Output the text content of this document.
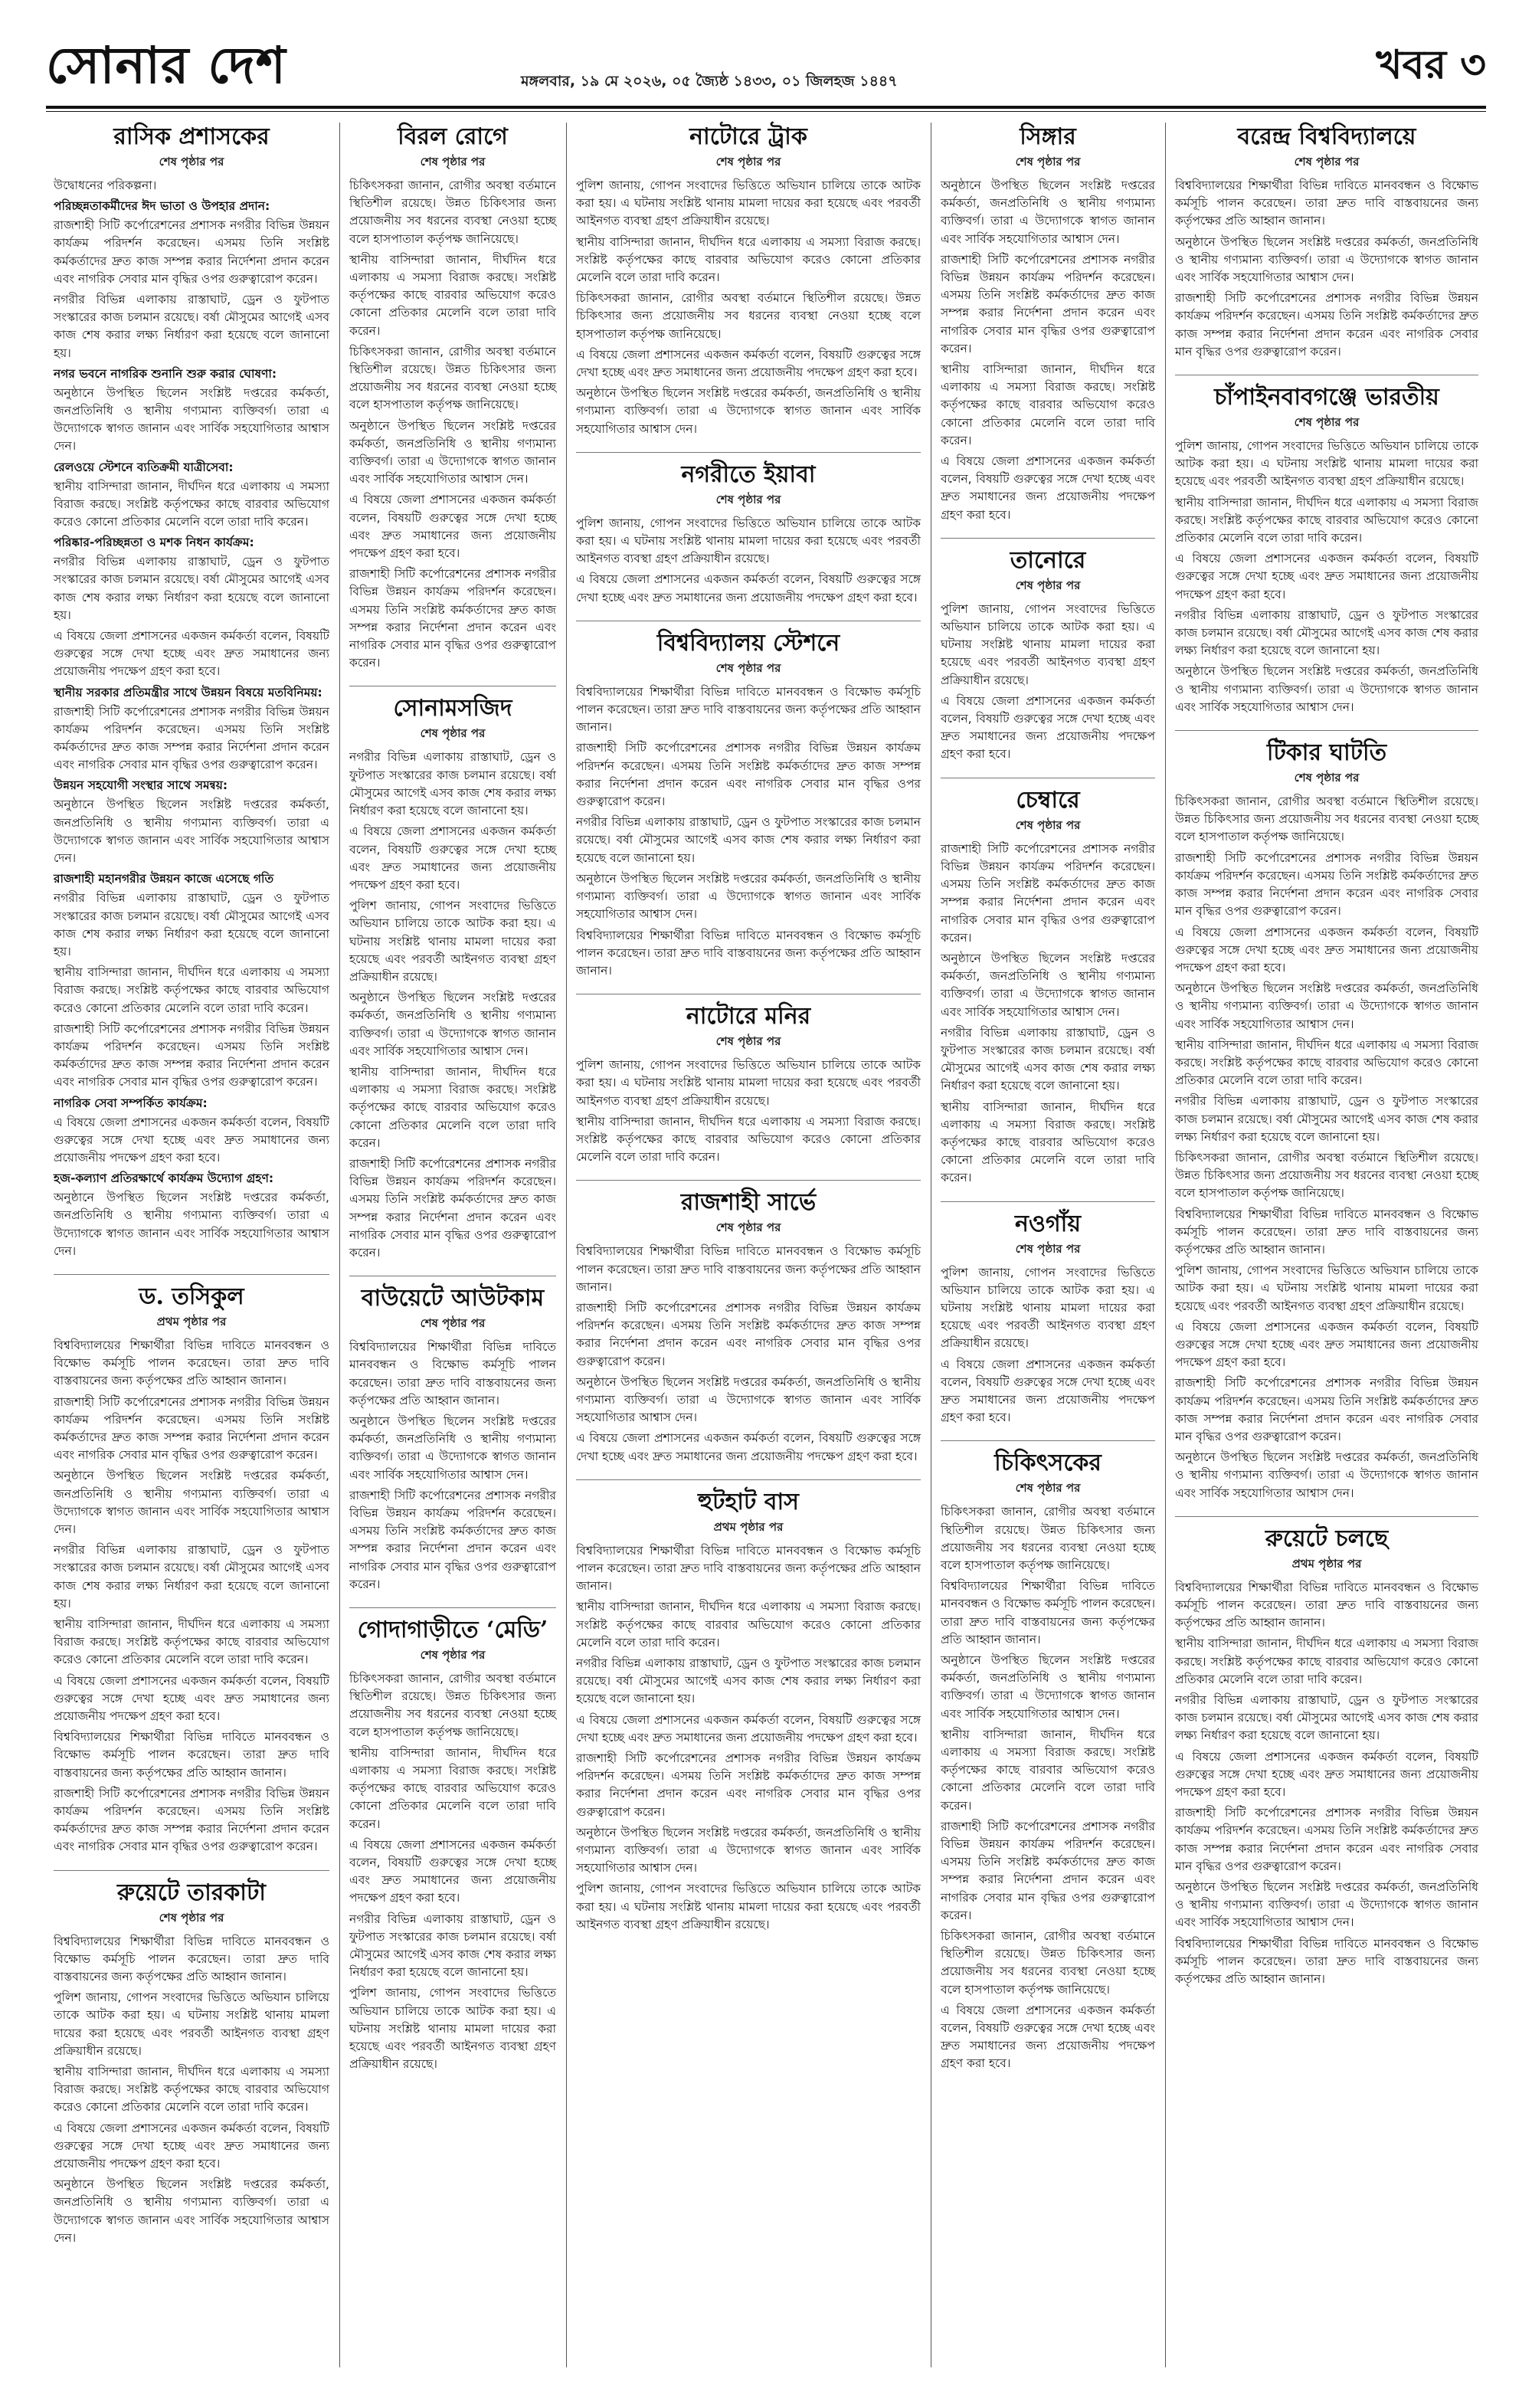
সোনার দেশ	মঙ্গলবার, ১৯ মে ২০২৬, ০৫ জ্যৈষ্ঠ ১৪৩৩, ০১ জিলহজ ১৪৪৭	খবর ৩
রাসিক প্রশাসকের
শেষ পৃষ্ঠার পর

উদ্বোধনের পরিকল্পনা।

পরিচ্ছন্নতাকর্মীদের ঈদ ভাতা ও উপহার প্রদান:

রাজশাহী সিটি কর্পোরেশনের প্রশাসক নগরীর বিভিন্ন উন্নয়ন কার্যক্রম পরিদর্শন করেছেন। এসময় তিনি সংশ্লিষ্ট কর্মকর্তাদের দ্রুত কাজ সম্পন্ন করার নির্দেশনা প্রদান করেন এবং নাগরিক সেবার মান বৃদ্ধির ওপর গুরুত্বারোপ করেন।

নগরীর বিভিন্ন এলাকায় রাস্তাঘাট, ড্রেন ও ফুটপাত সংস্কারের কাজ চলমান রয়েছে। বর্ষা মৌসুমের আগেই এসব কাজ শেষ করার লক্ষ্য নির্ধারণ করা হয়েছে বলে জানানো হয়।

নগর ভবনে নাগরিক শুনানি শুরু করার ঘোষণা:

অনুষ্ঠানে উপস্থিত ছিলেন সংশ্লিষ্ট দপ্তরের কর্মকর্তা, জনপ্রতিনিধি ও স্থানীয় গণ্যমান্য ব্যক্তিবর্গ। তারা এ উদ্যোগকে স্বাগত জানান এবং সার্বিক সহযোগিতার আশ্বাস দেন।

রেলওয়ে স্টেশনে ব্যতিক্রমী যাত্রীসেবা:

স্থানীয় বাসিন্দারা জানান, দীর্ঘদিন ধরে এলাকায় এ সমস্যা বিরাজ করছে। সংশ্লিষ্ট কর্তৃপক্ষের কাছে বারবার অভিযোগ করেও কোনো প্রতিকার মেলেনি বলে তারা দাবি করেন।

পরিষ্কার-পরিচ্ছন্নতা ও মশক নিধন কার্যক্রম:

নগরীর বিভিন্ন এলাকায় রাস্তাঘাট, ড্রেন ও ফুটপাত সংস্কারের কাজ চলমান রয়েছে। বর্ষা মৌসুমের আগেই এসব কাজ শেষ করার লক্ষ্য নির্ধারণ করা হয়েছে বলে জানানো হয়।

এ বিষয়ে জেলা প্রশাসনের একজন কর্মকর্তা বলেন, বিষয়টি গুরুত্বের সঙ্গে দেখা হচ্ছে এবং দ্রুত সমাধানের জন্য প্রয়োজনীয় পদক্ষেপ গ্রহণ করা হবে।

স্থানীয় সরকার প্রতিমন্ত্রীর সাথে উন্নয়ন বিষয়ে মতবিনিময়:

রাজশাহী সিটি কর্পোরেশনের প্রশাসক নগরীর বিভিন্ন উন্নয়ন কার্যক্রম পরিদর্শন করেছেন। এসময় তিনি সংশ্লিষ্ট কর্মকর্তাদের দ্রুত কাজ সম্পন্ন করার নির্দেশনা প্রদান করেন এবং নাগরিক সেবার মান বৃদ্ধির ওপর গুরুত্বারোপ করেন।

উন্নয়ন সহযোগী সংস্থার সাথে সমন্বয়:

অনুষ্ঠানে উপস্থিত ছিলেন সংশ্লিষ্ট দপ্তরের কর্মকর্তা, জনপ্রতিনিধি ও স্থানীয় গণ্যমান্য ব্যক্তিবর্গ। তারা এ উদ্যোগকে স্বাগত জানান এবং সার্বিক সহযোগিতার আশ্বাস দেন।

রাজশাহী মহানগরীর উন্নয়ন কাজে এসেছে গতি

নগরীর বিভিন্ন এলাকায় রাস্তাঘাট, ড্রেন ও ফুটপাত সংস্কারের কাজ চলমান রয়েছে। বর্ষা মৌসুমের আগেই এসব কাজ শেষ করার লক্ষ্য নির্ধারণ করা হয়েছে বলে জানানো হয়।

স্থানীয় বাসিন্দারা জানান, দীর্ঘদিন ধরে এলাকায় এ সমস্যা বিরাজ করছে। সংশ্লিষ্ট কর্তৃপক্ষের কাছে বারবার অভিযোগ করেও কোনো প্রতিকার মেলেনি বলে তারা দাবি করেন।

রাজশাহী সিটি কর্পোরেশনের প্রশাসক নগরীর বিভিন্ন উন্নয়ন কার্যক্রম পরিদর্শন করেছেন। এসময় তিনি সংশ্লিষ্ট কর্মকর্তাদের দ্রুত কাজ সম্পন্ন করার নির্দেশনা প্রদান করেন এবং নাগরিক সেবার মান বৃদ্ধির ওপর গুরুত্বারোপ করেন।

নাগরিক সেবা সম্পর্কিত কার্যক্রম:

এ বিষয়ে জেলা প্রশাসনের একজন কর্মকর্তা বলেন, বিষয়টি গুরুত্বের সঙ্গে দেখা হচ্ছে এবং দ্রুত সমাধানের জন্য প্রয়োজনীয় পদক্ষেপ গ্রহণ করা হবে।

হজ-কল্যাণ প্রতিরক্ষার্থে কার্যক্রম উদ্যোগ গ্রহণ:

অনুষ্ঠানে উপস্থিত ছিলেন সংশ্লিষ্ট দপ্তরের কর্মকর্তা, জনপ্রতিনিধি ও স্থানীয় গণ্যমান্য ব্যক্তিবর্গ। তারা এ উদ্যোগকে স্বাগত জানান এবং সার্বিক সহযোগিতার আশ্বাস দেন।

ড. তসিকুল
প্রথম পৃষ্ঠার পর

বিশ্ববিদ্যালয়ের শিক্ষার্থীরা বিভিন্ন দাবিতে মানববন্ধন ও বিক্ষোভ কর্মসূচি পালন করেছেন। তারা দ্রুত দাবি বাস্তবায়নের জন্য কর্তৃপক্ষের প্রতি আহ্বান জানান।

রাজশাহী সিটি কর্পোরেশনের প্রশাসক নগরীর বিভিন্ন উন্নয়ন কার্যক্রম পরিদর্শন করেছেন। এসময় তিনি সংশ্লিষ্ট কর্মকর্তাদের দ্রুত কাজ সম্পন্ন করার নির্দেশনা প্রদান করেন এবং নাগরিক সেবার মান বৃদ্ধির ওপর গুরুত্বারোপ করেন।

অনুষ্ঠানে উপস্থিত ছিলেন সংশ্লিষ্ট দপ্তরের কর্মকর্তা, জনপ্রতিনিধি ও স্থানীয় গণ্যমান্য ব্যক্তিবর্গ। তারা এ উদ্যোগকে স্বাগত জানান এবং সার্বিক সহযোগিতার আশ্বাস দেন।

নগরীর বিভিন্ন এলাকায় রাস্তাঘাট, ড্রেন ও ফুটপাত সংস্কারের কাজ চলমান রয়েছে। বর্ষা মৌসুমের আগেই এসব কাজ শেষ করার লক্ষ্য নির্ধারণ করা হয়েছে বলে জানানো হয়।

স্থানীয় বাসিন্দারা জানান, দীর্ঘদিন ধরে এলাকায় এ সমস্যা বিরাজ করছে। সংশ্লিষ্ট কর্তৃপক্ষের কাছে বারবার অভিযোগ করেও কোনো প্রতিকার মেলেনি বলে তারা দাবি করেন।

এ বিষয়ে জেলা প্রশাসনের একজন কর্মকর্তা বলেন, বিষয়টি গুরুত্বের সঙ্গে দেখা হচ্ছে এবং দ্রুত সমাধানের জন্য প্রয়োজনীয় পদক্ষেপ গ্রহণ করা হবে।

বিশ্ববিদ্যালয়ের শিক্ষার্থীরা বিভিন্ন দাবিতে মানববন্ধন ও বিক্ষোভ কর্মসূচি পালন করেছেন। তারা দ্রুত দাবি বাস্তবায়নের জন্য কর্তৃপক্ষের প্রতি আহ্বান জানান।

রাজশাহী সিটি কর্পোরেশনের প্রশাসক নগরীর বিভিন্ন উন্নয়ন কার্যক্রম পরিদর্শন করেছেন। এসময় তিনি সংশ্লিষ্ট কর্মকর্তাদের দ্রুত কাজ সম্পন্ন করার নির্দেশনা প্রদান করেন এবং নাগরিক সেবার মান বৃদ্ধির ওপর গুরুত্বারোপ করেন।

রুয়েটে তারকাটা
শেষ পৃষ্ঠার পর

বিশ্ববিদ্যালয়ের শিক্ষার্থীরা বিভিন্ন দাবিতে মানববন্ধন ও বিক্ষোভ কর্মসূচি পালন করেছেন। তারা দ্রুত দাবি বাস্তবায়নের জন্য কর্তৃপক্ষের প্রতি আহ্বান জানান।

পুলিশ জানায়, গোপন সংবাদের ভিত্তিতে অভিযান চালিয়ে তাকে আটক করা হয়। এ ঘটনায় সংশ্লিষ্ট থানায় মামলা দায়ের করা হয়েছে এবং পরবর্তী আইনগত ব্যবস্থা গ্রহণ প্রক্রিয়াধীন রয়েছে।

স্থানীয় বাসিন্দারা জানান, দীর্ঘদিন ধরে এলাকায় এ সমস্যা বিরাজ করছে। সংশ্লিষ্ট কর্তৃপক্ষের কাছে বারবার অভিযোগ করেও কোনো প্রতিকার মেলেনি বলে তারা দাবি করেন।

এ বিষয়ে জেলা প্রশাসনের একজন কর্মকর্তা বলেন, বিষয়টি গুরুত্বের সঙ্গে দেখা হচ্ছে এবং দ্রুত সমাধানের জন্য প্রয়োজনীয় পদক্ষেপ গ্রহণ করা হবে।

অনুষ্ঠানে উপস্থিত ছিলেন সংশ্লিষ্ট দপ্তরের কর্মকর্তা, জনপ্রতিনিধি ও স্থানীয় গণ্যমান্য ব্যক্তিবর্গ। তারা এ উদ্যোগকে স্বাগত জানান এবং সার্বিক সহযোগিতার আশ্বাস দেন।

বিরল রোগে
শেষ পৃষ্ঠার পর

চিকিৎসকরা জানান, রোগীর অবস্থা বর্তমানে স্থিতিশীল রয়েছে। উন্নত চিকিৎসার জন্য প্রয়োজনীয় সব ধরনের ব্যবস্থা নেওয়া হচ্ছে বলে হাসপাতাল কর্তৃপক্ষ জানিয়েছে।

স্থানীয় বাসিন্দারা জানান, দীর্ঘদিন ধরে এলাকায় এ সমস্যা বিরাজ করছে। সংশ্লিষ্ট কর্তৃপক্ষের কাছে বারবার অভিযোগ করেও কোনো প্রতিকার মেলেনি বলে তারা দাবি করেন।

চিকিৎসকরা জানান, রোগীর অবস্থা বর্তমানে স্থিতিশীল রয়েছে। উন্নত চিকিৎসার জন্য প্রয়োজনীয় সব ধরনের ব্যবস্থা নেওয়া হচ্ছে বলে হাসপাতাল কর্তৃপক্ষ জানিয়েছে।

অনুষ্ঠানে উপস্থিত ছিলেন সংশ্লিষ্ট দপ্তরের কর্মকর্তা, জনপ্রতিনিধি ও স্থানীয় গণ্যমান্য ব্যক্তিবর্গ। তারা এ উদ্যোগকে স্বাগত জানান এবং সার্বিক সহযোগিতার আশ্বাস দেন।

এ বিষয়ে জেলা প্রশাসনের একজন কর্মকর্তা বলেন, বিষয়টি গুরুত্বের সঙ্গে দেখা হচ্ছে এবং দ্রুত সমাধানের জন্য প্রয়োজনীয় পদক্ষেপ গ্রহণ করা হবে।

রাজশাহী সিটি কর্পোরেশনের প্রশাসক নগরীর বিভিন্ন উন্নয়ন কার্যক্রম পরিদর্শন করেছেন। এসময় তিনি সংশ্লিষ্ট কর্মকর্তাদের দ্রুত কাজ সম্পন্ন করার নির্দেশনা প্রদান করেন এবং নাগরিক সেবার মান বৃদ্ধির ওপর গুরুত্বারোপ করেন।

সোনামসজিদ
শেষ পৃষ্ঠার পর

নগরীর বিভিন্ন এলাকায় রাস্তাঘাট, ড্রেন ও ফুটপাত সংস্কারের কাজ চলমান রয়েছে। বর্ষা মৌসুমের আগেই এসব কাজ শেষ করার লক্ষ্য নির্ধারণ করা হয়েছে বলে জানানো হয়।

এ বিষয়ে জেলা প্রশাসনের একজন কর্মকর্তা বলেন, বিষয়টি গুরুত্বের সঙ্গে দেখা হচ্ছে এবং দ্রুত সমাধানের জন্য প্রয়োজনীয় পদক্ষেপ গ্রহণ করা হবে।

পুলিশ জানায়, গোপন সংবাদের ভিত্তিতে অভিযান চালিয়ে তাকে আটক করা হয়। এ ঘটনায় সংশ্লিষ্ট থানায় মামলা দায়ের করা হয়েছে এবং পরবর্তী আইনগত ব্যবস্থা গ্রহণ প্রক্রিয়াধীন রয়েছে।

অনুষ্ঠানে উপস্থিত ছিলেন সংশ্লিষ্ট দপ্তরের কর্মকর্তা, জনপ্রতিনিধি ও স্থানীয় গণ্যমান্য ব্যক্তিবর্গ। তারা এ উদ্যোগকে স্বাগত জানান এবং সার্বিক সহযোগিতার আশ্বাস দেন।

স্থানীয় বাসিন্দারা জানান, দীর্ঘদিন ধরে এলাকায় এ সমস্যা বিরাজ করছে। সংশ্লিষ্ট কর্তৃপক্ষের কাছে বারবার অভিযোগ করেও কোনো প্রতিকার মেলেনি বলে তারা দাবি করেন।

রাজশাহী সিটি কর্পোরেশনের প্রশাসক নগরীর বিভিন্ন উন্নয়ন কার্যক্রম পরিদর্শন করেছেন। এসময় তিনি সংশ্লিষ্ট কর্মকর্তাদের দ্রুত কাজ সম্পন্ন করার নির্দেশনা প্রদান করেন এবং নাগরিক সেবার মান বৃদ্ধির ওপর গুরুত্বারোপ করেন।

বাউয়েটে আউটকাম
শেষ পৃষ্ঠার পর

বিশ্ববিদ্যালয়ের শিক্ষার্থীরা বিভিন্ন দাবিতে মানববন্ধন ও বিক্ষোভ কর্মসূচি পালন করেছেন। তারা দ্রুত দাবি বাস্তবায়নের জন্য কর্তৃপক্ষের প্রতি আহ্বান জানান।

অনুষ্ঠানে উপস্থিত ছিলেন সংশ্লিষ্ট দপ্তরের কর্মকর্তা, জনপ্রতিনিধি ও স্থানীয় গণ্যমান্য ব্যক্তিবর্গ। তারা এ উদ্যোগকে স্বাগত জানান এবং সার্বিক সহযোগিতার আশ্বাস দেন।

রাজশাহী সিটি কর্পোরেশনের প্রশাসক নগরীর বিভিন্ন উন্নয়ন কার্যক্রম পরিদর্শন করেছেন। এসময় তিনি সংশ্লিষ্ট কর্মকর্তাদের দ্রুত কাজ সম্পন্ন করার নির্দেশনা প্রদান করেন এবং নাগরিক সেবার মান বৃদ্ধির ওপর গুরুত্বারোপ করেন।

গোদাগাড়ীতে ‘মেডি’
শেষ পৃষ্ঠার পর

চিকিৎসকরা জানান, রোগীর অবস্থা বর্তমানে স্থিতিশীল রয়েছে। উন্নত চিকিৎসার জন্য প্রয়োজনীয় সব ধরনের ব্যবস্থা নেওয়া হচ্ছে বলে হাসপাতাল কর্তৃপক্ষ জানিয়েছে।

স্থানীয় বাসিন্দারা জানান, দীর্ঘদিন ধরে এলাকায় এ সমস্যা বিরাজ করছে। সংশ্লিষ্ট কর্তৃপক্ষের কাছে বারবার অভিযোগ করেও কোনো প্রতিকার মেলেনি বলে তারা দাবি করেন।

এ বিষয়ে জেলা প্রশাসনের একজন কর্মকর্তা বলেন, বিষয়টি গুরুত্বের সঙ্গে দেখা হচ্ছে এবং দ্রুত সমাধানের জন্য প্রয়োজনীয় পদক্ষেপ গ্রহণ করা হবে।

নগরীর বিভিন্ন এলাকায় রাস্তাঘাট, ড্রেন ও ফুটপাত সংস্কারের কাজ চলমান রয়েছে। বর্ষা মৌসুমের আগেই এসব কাজ শেষ করার লক্ষ্য নির্ধারণ করা হয়েছে বলে জানানো হয়।

পুলিশ জানায়, গোপন সংবাদের ভিত্তিতে অভিযান চালিয়ে তাকে আটক করা হয়। এ ঘটনায় সংশ্লিষ্ট থানায় মামলা দায়ের করা হয়েছে এবং পরবর্তী আইনগত ব্যবস্থা গ্রহণ প্রক্রিয়াধীন রয়েছে।

নাটোরে ট্রাক
শেষ পৃষ্ঠার পর

পুলিশ জানায়, গোপন সংবাদের ভিত্তিতে অভিযান চালিয়ে তাকে আটক করা হয়। এ ঘটনায় সংশ্লিষ্ট থানায় মামলা দায়ের করা হয়েছে এবং পরবর্তী আইনগত ব্যবস্থা গ্রহণ প্রক্রিয়াধীন রয়েছে।

স্থানীয় বাসিন্দারা জানান, দীর্ঘদিন ধরে এলাকায় এ সমস্যা বিরাজ করছে। সংশ্লিষ্ট কর্তৃপক্ষের কাছে বারবার অভিযোগ করেও কোনো প্রতিকার মেলেনি বলে তারা দাবি করেন।

চিকিৎসকরা জানান, রোগীর অবস্থা বর্তমানে স্থিতিশীল রয়েছে। উন্নত চিকিৎসার জন্য প্রয়োজনীয় সব ধরনের ব্যবস্থা নেওয়া হচ্ছে বলে হাসপাতাল কর্তৃপক্ষ জানিয়েছে।

এ বিষয়ে জেলা প্রশাসনের একজন কর্মকর্তা বলেন, বিষয়টি গুরুত্বের সঙ্গে দেখা হচ্ছে এবং দ্রুত সমাধানের জন্য প্রয়োজনীয় পদক্ষেপ গ্রহণ করা হবে।

অনুষ্ঠানে উপস্থিত ছিলেন সংশ্লিষ্ট দপ্তরের কর্মকর্তা, জনপ্রতিনিধি ও স্থানীয় গণ্যমান্য ব্যক্তিবর্গ। তারা এ উদ্যোগকে স্বাগত জানান এবং সার্বিক সহযোগিতার আশ্বাস দেন।

নগরীতে ইয়াবা
শেষ পৃষ্ঠার পর

পুলিশ জানায়, গোপন সংবাদের ভিত্তিতে অভিযান চালিয়ে তাকে আটক করা হয়। এ ঘটনায় সংশ্লিষ্ট থানায় মামলা দায়ের করা হয়েছে এবং পরবর্তী আইনগত ব্যবস্থা গ্রহণ প্রক্রিয়াধীন রয়েছে।

এ বিষয়ে জেলা প্রশাসনের একজন কর্মকর্তা বলেন, বিষয়টি গুরুত্বের সঙ্গে দেখা হচ্ছে এবং দ্রুত সমাধানের জন্য প্রয়োজনীয় পদক্ষেপ গ্রহণ করা হবে।

বিশ্ববিদ্যালয় স্টেশনে
শেষ পৃষ্ঠার পর

বিশ্ববিদ্যালয়ের শিক্ষার্থীরা বিভিন্ন দাবিতে মানববন্ধন ও বিক্ষোভ কর্মসূচি পালন করেছেন। তারা দ্রুত দাবি বাস্তবায়নের জন্য কর্তৃপক্ষের প্রতি আহ্বান জানান।

রাজশাহী সিটি কর্পোরেশনের প্রশাসক নগরীর বিভিন্ন উন্নয়ন কার্যক্রম পরিদর্শন করেছেন। এসময় তিনি সংশ্লিষ্ট কর্মকর্তাদের দ্রুত কাজ সম্পন্ন করার নির্দেশনা প্রদান করেন এবং নাগরিক সেবার মান বৃদ্ধির ওপর গুরুত্বারোপ করেন।

নগরীর বিভিন্ন এলাকায় রাস্তাঘাট, ড্রেন ও ফুটপাত সংস্কারের কাজ চলমান রয়েছে। বর্ষা মৌসুমের আগেই এসব কাজ শেষ করার লক্ষ্য নির্ধারণ করা হয়েছে বলে জানানো হয়।

অনুষ্ঠানে উপস্থিত ছিলেন সংশ্লিষ্ট দপ্তরের কর্মকর্তা, জনপ্রতিনিধি ও স্থানীয় গণ্যমান্য ব্যক্তিবর্গ। তারা এ উদ্যোগকে স্বাগত জানান এবং সার্বিক সহযোগিতার আশ্বাস দেন।

বিশ্ববিদ্যালয়ের শিক্ষার্থীরা বিভিন্ন দাবিতে মানববন্ধন ও বিক্ষোভ কর্মসূচি পালন করেছেন। তারা দ্রুত দাবি বাস্তবায়নের জন্য কর্তৃপক্ষের প্রতি আহ্বান জানান।

নাটোরে মনির
শেষ পৃষ্ঠার পর

পুলিশ জানায়, গোপন সংবাদের ভিত্তিতে অভিযান চালিয়ে তাকে আটক করা হয়। এ ঘটনায় সংশ্লিষ্ট থানায় মামলা দায়ের করা হয়েছে এবং পরবর্তী আইনগত ব্যবস্থা গ্রহণ প্রক্রিয়াধীন রয়েছে।

স্থানীয় বাসিন্দারা জানান, দীর্ঘদিন ধরে এলাকায় এ সমস্যা বিরাজ করছে। সংশ্লিষ্ট কর্তৃপক্ষের কাছে বারবার অভিযোগ করেও কোনো প্রতিকার মেলেনি বলে তারা দাবি করেন।

রাজশাহী সার্ভে
শেষ পৃষ্ঠার পর

বিশ্ববিদ্যালয়ের শিক্ষার্থীরা বিভিন্ন দাবিতে মানববন্ধন ও বিক্ষোভ কর্মসূচি পালন করেছেন। তারা দ্রুত দাবি বাস্তবায়নের জন্য কর্তৃপক্ষের প্রতি আহ্বান জানান।

রাজশাহী সিটি কর্পোরেশনের প্রশাসক নগরীর বিভিন্ন উন্নয়ন কার্যক্রম পরিদর্শন করেছেন। এসময় তিনি সংশ্লিষ্ট কর্মকর্তাদের দ্রুত কাজ সম্পন্ন করার নির্দেশনা প্রদান করেন এবং নাগরিক সেবার মান বৃদ্ধির ওপর গুরুত্বারোপ করেন।

অনুষ্ঠানে উপস্থিত ছিলেন সংশ্লিষ্ট দপ্তরের কর্মকর্তা, জনপ্রতিনিধি ও স্থানীয় গণ্যমান্য ব্যক্তিবর্গ। তারা এ উদ্যোগকে স্বাগত জানান এবং সার্বিক সহযোগিতার আশ্বাস দেন।

এ বিষয়ে জেলা প্রশাসনের একজন কর্মকর্তা বলেন, বিষয়টি গুরুত্বের সঙ্গে দেখা হচ্ছে এবং দ্রুত সমাধানের জন্য প্রয়োজনীয় পদক্ষেপ গ্রহণ করা হবে।

হুটহাট বাস
প্রথম পৃষ্ঠার পর

বিশ্ববিদ্যালয়ের শিক্ষার্থীরা বিভিন্ন দাবিতে মানববন্ধন ও বিক্ষোভ কর্মসূচি পালন করেছেন। তারা দ্রুত দাবি বাস্তবায়নের জন্য কর্তৃপক্ষের প্রতি আহ্বান জানান।

স্থানীয় বাসিন্দারা জানান, দীর্ঘদিন ধরে এলাকায় এ সমস্যা বিরাজ করছে। সংশ্লিষ্ট কর্তৃপক্ষের কাছে বারবার অভিযোগ করেও কোনো প্রতিকার মেলেনি বলে তারা দাবি করেন।

নগরীর বিভিন্ন এলাকায় রাস্তাঘাট, ড্রেন ও ফুটপাত সংস্কারের কাজ চলমান রয়েছে। বর্ষা মৌসুমের আগেই এসব কাজ শেষ করার লক্ষ্য নির্ধারণ করা হয়েছে বলে জানানো হয়।

এ বিষয়ে জেলা প্রশাসনের একজন কর্মকর্তা বলেন, বিষয়টি গুরুত্বের সঙ্গে দেখা হচ্ছে এবং দ্রুত সমাধানের জন্য প্রয়োজনীয় পদক্ষেপ গ্রহণ করা হবে।

রাজশাহী সিটি কর্পোরেশনের প্রশাসক নগরীর বিভিন্ন উন্নয়ন কার্যক্রম পরিদর্শন করেছেন। এসময় তিনি সংশ্লিষ্ট কর্মকর্তাদের দ্রুত কাজ সম্পন্ন করার নির্দেশনা প্রদান করেন এবং নাগরিক সেবার মান বৃদ্ধির ওপর গুরুত্বারোপ করেন।

অনুষ্ঠানে উপস্থিত ছিলেন সংশ্লিষ্ট দপ্তরের কর্মকর্তা, জনপ্রতিনিধি ও স্থানীয় গণ্যমান্য ব্যক্তিবর্গ। তারা এ উদ্যোগকে স্বাগত জানান এবং সার্বিক সহযোগিতার আশ্বাস দেন।

পুলিশ জানায়, গোপন সংবাদের ভিত্তিতে অভিযান চালিয়ে তাকে আটক করা হয়। এ ঘটনায় সংশ্লিষ্ট থানায় মামলা দায়ের করা হয়েছে এবং পরবর্তী আইনগত ব্যবস্থা গ্রহণ প্রক্রিয়াধীন রয়েছে।

সিঙ্গার
শেষ পৃষ্ঠার পর

অনুষ্ঠানে উপস্থিত ছিলেন সংশ্লিষ্ট দপ্তরের কর্মকর্তা, জনপ্রতিনিধি ও স্থানীয় গণ্যমান্য ব্যক্তিবর্গ। তারা এ উদ্যোগকে স্বাগত জানান এবং সার্বিক সহযোগিতার আশ্বাস দেন।

রাজশাহী সিটি কর্পোরেশনের প্রশাসক নগরীর বিভিন্ন উন্নয়ন কার্যক্রম পরিদর্শন করেছেন। এসময় তিনি সংশ্লিষ্ট কর্মকর্তাদের দ্রুত কাজ সম্পন্ন করার নির্দেশনা প্রদান করেন এবং নাগরিক সেবার মান বৃদ্ধির ওপর গুরুত্বারোপ করেন।

স্থানীয় বাসিন্দারা জানান, দীর্ঘদিন ধরে এলাকায় এ সমস্যা বিরাজ করছে। সংশ্লিষ্ট কর্তৃপক্ষের কাছে বারবার অভিযোগ করেও কোনো প্রতিকার মেলেনি বলে তারা দাবি করেন।

এ বিষয়ে জেলা প্রশাসনের একজন কর্মকর্তা বলেন, বিষয়টি গুরুত্বের সঙ্গে দেখা হচ্ছে এবং দ্রুত সমাধানের জন্য প্রয়োজনীয় পদক্ষেপ গ্রহণ করা হবে।

তানোরে
শেষ পৃষ্ঠার পর

পুলিশ জানায়, গোপন সংবাদের ভিত্তিতে অভিযান চালিয়ে তাকে আটক করা হয়। এ ঘটনায় সংশ্লিষ্ট থানায় মামলা দায়ের করা হয়েছে এবং পরবর্তী আইনগত ব্যবস্থা গ্রহণ প্রক্রিয়াধীন রয়েছে।

এ বিষয়ে জেলা প্রশাসনের একজন কর্মকর্তা বলেন, বিষয়টি গুরুত্বের সঙ্গে দেখা হচ্ছে এবং দ্রুত সমাধানের জন্য প্রয়োজনীয় পদক্ষেপ গ্রহণ করা হবে।

চেম্বারে
শেষ পৃষ্ঠার পর

রাজশাহী সিটি কর্পোরেশনের প্রশাসক নগরীর বিভিন্ন উন্নয়ন কার্যক্রম পরিদর্শন করেছেন। এসময় তিনি সংশ্লিষ্ট কর্মকর্তাদের দ্রুত কাজ সম্পন্ন করার নির্দেশনা প্রদান করেন এবং নাগরিক সেবার মান বৃদ্ধির ওপর গুরুত্বারোপ করেন।

অনুষ্ঠানে উপস্থিত ছিলেন সংশ্লিষ্ট দপ্তরের কর্মকর্তা, জনপ্রতিনিধি ও স্থানীয় গণ্যমান্য ব্যক্তিবর্গ। তারা এ উদ্যোগকে স্বাগত জানান এবং সার্বিক সহযোগিতার আশ্বাস দেন।

নগরীর বিভিন্ন এলাকায় রাস্তাঘাট, ড্রেন ও ফুটপাত সংস্কারের কাজ চলমান রয়েছে। বর্ষা মৌসুমের আগেই এসব কাজ শেষ করার লক্ষ্য নির্ধারণ করা হয়েছে বলে জানানো হয়।

স্থানীয় বাসিন্দারা জানান, দীর্ঘদিন ধরে এলাকায় এ সমস্যা বিরাজ করছে। সংশ্লিষ্ট কর্তৃপক্ষের কাছে বারবার অভিযোগ করেও কোনো প্রতিকার মেলেনি বলে তারা দাবি করেন।

নওগাঁয়
শেষ পৃষ্ঠার পর

পুলিশ জানায়, গোপন সংবাদের ভিত্তিতে অভিযান চালিয়ে তাকে আটক করা হয়। এ ঘটনায় সংশ্লিষ্ট থানায় মামলা দায়ের করা হয়েছে এবং পরবর্তী আইনগত ব্যবস্থা গ্রহণ প্রক্রিয়াধীন রয়েছে।

এ বিষয়ে জেলা প্রশাসনের একজন কর্মকর্তা বলেন, বিষয়টি গুরুত্বের সঙ্গে দেখা হচ্ছে এবং দ্রুত সমাধানের জন্য প্রয়োজনীয় পদক্ষেপ গ্রহণ করা হবে।

চিকিৎসকের
শেষ পৃষ্ঠার পর

চিকিৎসকরা জানান, রোগীর অবস্থা বর্তমানে স্থিতিশীল রয়েছে। উন্নত চিকিৎসার জন্য প্রয়োজনীয় সব ধরনের ব্যবস্থা নেওয়া হচ্ছে বলে হাসপাতাল কর্তৃপক্ষ জানিয়েছে।

বিশ্ববিদ্যালয়ের শিক্ষার্থীরা বিভিন্ন দাবিতে মানববন্ধন ও বিক্ষোভ কর্মসূচি পালন করেছেন। তারা দ্রুত দাবি বাস্তবায়নের জন্য কর্তৃপক্ষের প্রতি আহ্বান জানান।

অনুষ্ঠানে উপস্থিত ছিলেন সংশ্লিষ্ট দপ্তরের কর্মকর্তা, জনপ্রতিনিধি ও স্থানীয় গণ্যমান্য ব্যক্তিবর্গ। তারা এ উদ্যোগকে স্বাগত জানান এবং সার্বিক সহযোগিতার আশ্বাস দেন।

স্থানীয় বাসিন্দারা জানান, দীর্ঘদিন ধরে এলাকায় এ সমস্যা বিরাজ করছে। সংশ্লিষ্ট কর্তৃপক্ষের কাছে বারবার অভিযোগ করেও কোনো প্রতিকার মেলেনি বলে তারা দাবি করেন।

রাজশাহী সিটি কর্পোরেশনের প্রশাসক নগরীর বিভিন্ন উন্নয়ন কার্যক্রম পরিদর্শন করেছেন। এসময় তিনি সংশ্লিষ্ট কর্মকর্তাদের দ্রুত কাজ সম্পন্ন করার নির্দেশনা প্রদান করেন এবং নাগরিক সেবার মান বৃদ্ধির ওপর গুরুত্বারোপ করেন।

চিকিৎসকরা জানান, রোগীর অবস্থা বর্তমানে স্থিতিশীল রয়েছে। উন্নত চিকিৎসার জন্য প্রয়োজনীয় সব ধরনের ব্যবস্থা নেওয়া হচ্ছে বলে হাসপাতাল কর্তৃপক্ষ জানিয়েছে।

এ বিষয়ে জেলা প্রশাসনের একজন কর্মকর্তা বলেন, বিষয়টি গুরুত্বের সঙ্গে দেখা হচ্ছে এবং দ্রুত সমাধানের জন্য প্রয়োজনীয় পদক্ষেপ গ্রহণ করা হবে।

বরেন্দ্র বিশ্ববিদ্যালয়ে
শেষ পৃষ্ঠার পর

বিশ্ববিদ্যালয়ের শিক্ষার্থীরা বিভিন্ন দাবিতে মানববন্ধন ও বিক্ষোভ কর্মসূচি পালন করেছেন। তারা দ্রুত দাবি বাস্তবায়নের জন্য কর্তৃপক্ষের প্রতি আহ্বান জানান।

অনুষ্ঠানে উপস্থিত ছিলেন সংশ্লিষ্ট দপ্তরের কর্মকর্তা, জনপ্রতিনিধি ও স্থানীয় গণ্যমান্য ব্যক্তিবর্গ। তারা এ উদ্যোগকে স্বাগত জানান এবং সার্বিক সহযোগিতার আশ্বাস দেন।

রাজশাহী সিটি কর্পোরেশনের প্রশাসক নগরীর বিভিন্ন উন্নয়ন কার্যক্রম পরিদর্শন করেছেন। এসময় তিনি সংশ্লিষ্ট কর্মকর্তাদের দ্রুত কাজ সম্পন্ন করার নির্দেশনা প্রদান করেন এবং নাগরিক সেবার মান বৃদ্ধির ওপর গুরুত্বারোপ করেন।

চাঁপাইনবাবগঞ্জে ভারতীয়
শেষ পৃষ্ঠার পর

পুলিশ জানায়, গোপন সংবাদের ভিত্তিতে অভিযান চালিয়ে তাকে আটক করা হয়। এ ঘটনায় সংশ্লিষ্ট থানায় মামলা দায়ের করা হয়েছে এবং পরবর্তী আইনগত ব্যবস্থা গ্রহণ প্রক্রিয়াধীন রয়েছে।

স্থানীয় বাসিন্দারা জানান, দীর্ঘদিন ধরে এলাকায় এ সমস্যা বিরাজ করছে। সংশ্লিষ্ট কর্তৃপক্ষের কাছে বারবার অভিযোগ করেও কোনো প্রতিকার মেলেনি বলে তারা দাবি করেন।

এ বিষয়ে জেলা প্রশাসনের একজন কর্মকর্তা বলেন, বিষয়টি গুরুত্বের সঙ্গে দেখা হচ্ছে এবং দ্রুত সমাধানের জন্য প্রয়োজনীয় পদক্ষেপ গ্রহণ করা হবে।

নগরীর বিভিন্ন এলাকায় রাস্তাঘাট, ড্রেন ও ফুটপাত সংস্কারের কাজ চলমান রয়েছে। বর্ষা মৌসুমের আগেই এসব কাজ শেষ করার লক্ষ্য নির্ধারণ করা হয়েছে বলে জানানো হয়।

অনুষ্ঠানে উপস্থিত ছিলেন সংশ্লিষ্ট দপ্তরের কর্মকর্তা, জনপ্রতিনিধি ও স্থানীয় গণ্যমান্য ব্যক্তিবর্গ। তারা এ উদ্যোগকে স্বাগত জানান এবং সার্বিক সহযোগিতার আশ্বাস দেন।

টিকার ঘাটতি
শেষ পৃষ্ঠার পর

চিকিৎসকরা জানান, রোগীর অবস্থা বর্তমানে স্থিতিশীল রয়েছে। উন্নত চিকিৎসার জন্য প্রয়োজনীয় সব ধরনের ব্যবস্থা নেওয়া হচ্ছে বলে হাসপাতাল কর্তৃপক্ষ জানিয়েছে।

রাজশাহী সিটি কর্পোরেশনের প্রশাসক নগরীর বিভিন্ন উন্নয়ন কার্যক্রম পরিদর্শন করেছেন। এসময় তিনি সংশ্লিষ্ট কর্মকর্তাদের দ্রুত কাজ সম্পন্ন করার নির্দেশনা প্রদান করেন এবং নাগরিক সেবার মান বৃদ্ধির ওপর গুরুত্বারোপ করেন।

এ বিষয়ে জেলা প্রশাসনের একজন কর্মকর্তা বলেন, বিষয়টি গুরুত্বের সঙ্গে দেখা হচ্ছে এবং দ্রুত সমাধানের জন্য প্রয়োজনীয় পদক্ষেপ গ্রহণ করা হবে।

অনুষ্ঠানে উপস্থিত ছিলেন সংশ্লিষ্ট দপ্তরের কর্মকর্তা, জনপ্রতিনিধি ও স্থানীয় গণ্যমান্য ব্যক্তিবর্গ। তারা এ উদ্যোগকে স্বাগত জানান এবং সার্বিক সহযোগিতার আশ্বাস দেন।

স্থানীয় বাসিন্দারা জানান, দীর্ঘদিন ধরে এলাকায় এ সমস্যা বিরাজ করছে। সংশ্লিষ্ট কর্তৃপক্ষের কাছে বারবার অভিযোগ করেও কোনো প্রতিকার মেলেনি বলে তারা দাবি করেন।

নগরীর বিভিন্ন এলাকায় রাস্তাঘাট, ড্রেন ও ফুটপাত সংস্কারের কাজ চলমান রয়েছে। বর্ষা মৌসুমের আগেই এসব কাজ শেষ করার লক্ষ্য নির্ধারণ করা হয়েছে বলে জানানো হয়।

চিকিৎসকরা জানান, রোগীর অবস্থা বর্তমানে স্থিতিশীল রয়েছে। উন্নত চিকিৎসার জন্য প্রয়োজনীয় সব ধরনের ব্যবস্থা নেওয়া হচ্ছে বলে হাসপাতাল কর্তৃপক্ষ জানিয়েছে।

বিশ্ববিদ্যালয়ের শিক্ষার্থীরা বিভিন্ন দাবিতে মানববন্ধন ও বিক্ষোভ কর্মসূচি পালন করেছেন। তারা দ্রুত দাবি বাস্তবায়নের জন্য কর্তৃপক্ষের প্রতি আহ্বান জানান।

পুলিশ জানায়, গোপন সংবাদের ভিত্তিতে অভিযান চালিয়ে তাকে আটক করা হয়। এ ঘটনায় সংশ্লিষ্ট থানায় মামলা দায়ের করা হয়েছে এবং পরবর্তী আইনগত ব্যবস্থা গ্রহণ প্রক্রিয়াধীন রয়েছে।

এ বিষয়ে জেলা প্রশাসনের একজন কর্মকর্তা বলেন, বিষয়টি গুরুত্বের সঙ্গে দেখা হচ্ছে এবং দ্রুত সমাধানের জন্য প্রয়োজনীয় পদক্ষেপ গ্রহণ করা হবে।

রাজশাহী সিটি কর্পোরেশনের প্রশাসক নগরীর বিভিন্ন উন্নয়ন কার্যক্রম পরিদর্শন করেছেন। এসময় তিনি সংশ্লিষ্ট কর্মকর্তাদের দ্রুত কাজ সম্পন্ন করার নির্দেশনা প্রদান করেন এবং নাগরিক সেবার মান বৃদ্ধির ওপর গুরুত্বারোপ করেন।

অনুষ্ঠানে উপস্থিত ছিলেন সংশ্লিষ্ট দপ্তরের কর্মকর্তা, জনপ্রতিনিধি ও স্থানীয় গণ্যমান্য ব্যক্তিবর্গ। তারা এ উদ্যোগকে স্বাগত জানান এবং সার্বিক সহযোগিতার আশ্বাস দেন।

রুয়েটে চলছে
প্রথম পৃষ্ঠার পর

বিশ্ববিদ্যালয়ের শিক্ষার্থীরা বিভিন্ন দাবিতে মানববন্ধন ও বিক্ষোভ কর্মসূচি পালন করেছেন। তারা দ্রুত দাবি বাস্তবায়নের জন্য কর্তৃপক্ষের প্রতি আহ্বান জানান।

স্থানীয় বাসিন্দারা জানান, দীর্ঘদিন ধরে এলাকায় এ সমস্যা বিরাজ করছে। সংশ্লিষ্ট কর্তৃপক্ষের কাছে বারবার অভিযোগ করেও কোনো প্রতিকার মেলেনি বলে তারা দাবি করেন।

নগরীর বিভিন্ন এলাকায় রাস্তাঘাট, ড্রেন ও ফুটপাত সংস্কারের কাজ চলমান রয়েছে। বর্ষা মৌসুমের আগেই এসব কাজ শেষ করার লক্ষ্য নির্ধারণ করা হয়েছে বলে জানানো হয়।

এ বিষয়ে জেলা প্রশাসনের একজন কর্মকর্তা বলেন, বিষয়টি গুরুত্বের সঙ্গে দেখা হচ্ছে এবং দ্রুত সমাধানের জন্য প্রয়োজনীয় পদক্ষেপ গ্রহণ করা হবে।

রাজশাহী সিটি কর্পোরেশনের প্রশাসক নগরীর বিভিন্ন উন্নয়ন কার্যক্রম পরিদর্শন করেছেন। এসময় তিনি সংশ্লিষ্ট কর্মকর্তাদের দ্রুত কাজ সম্পন্ন করার নির্দেশনা প্রদান করেন এবং নাগরিক সেবার মান বৃদ্ধির ওপর গুরুত্বারোপ করেন।

অনুষ্ঠানে উপস্থিত ছিলেন সংশ্লিষ্ট দপ্তরের কর্মকর্তা, জনপ্রতিনিধি ও স্থানীয় গণ্যমান্য ব্যক্তিবর্গ। তারা এ উদ্যোগকে স্বাগত জানান এবং সার্বিক সহযোগিতার আশ্বাস দেন।

বিশ্ববিদ্যালয়ের শিক্ষার্থীরা বিভিন্ন দাবিতে মানববন্ধন ও বিক্ষোভ কর্মসূচি পালন করেছেন। তারা দ্রুত দাবি বাস্তবায়নের জন্য কর্তৃপক্ষের প্রতি আহ্বান জানান।
